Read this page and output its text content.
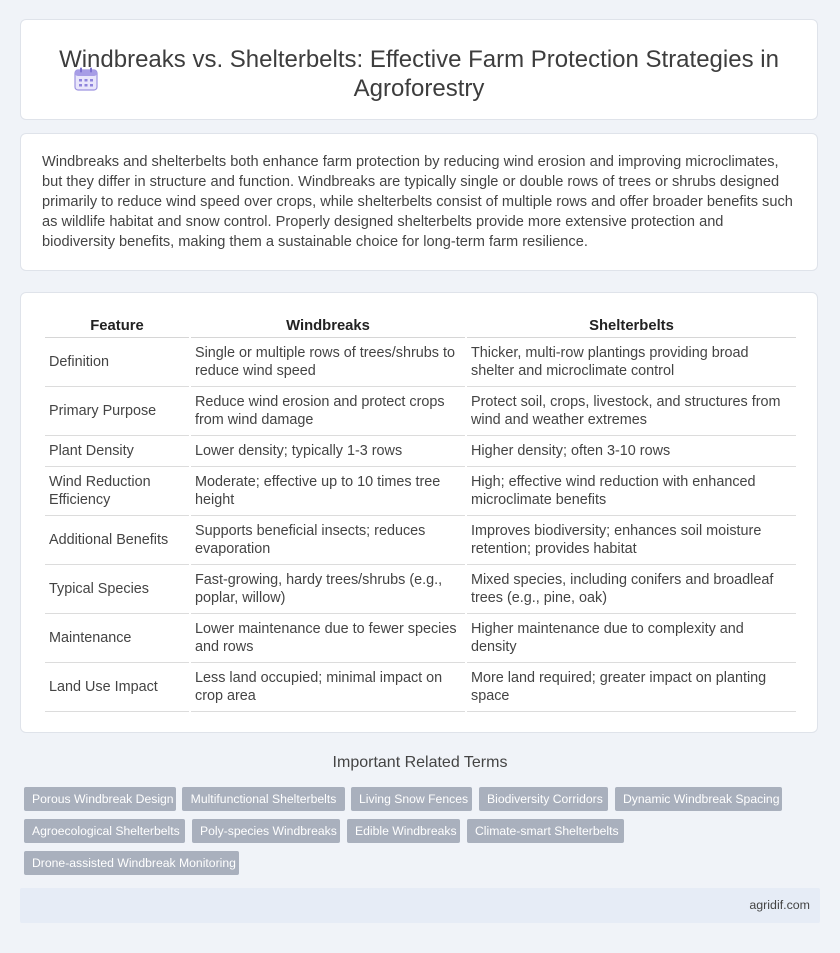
Windbreaks vs. Shelterbelts: Effective Farm Protection Strategies in Agroforestry

Windbreaks and shelterbelts both enhance farm protection by reducing wind erosion and improving microclimates, but they differ in structure and function. Windbreaks are typically single or double rows of trees or shrubs designed primarily to reduce wind speed over crops, while shelterbelts consist of multiple rows and offer broader benefits such as wildlife habitat and snow control. Properly designed shelterbelts provide more extensive protection and biodiversity benefits, making them a sustainable choice for long-term farm resilience.

Feature	Windbreaks	Shelterbelts
Definition	Single or multiple rows of trees/shrubs to reduce wind speed	Thicker, multi-row plantings providing broad shelter and microclimate control
Primary Purpose	Reduce wind erosion and protect crops from wind damage	Protect soil, crops, livestock, and structures from wind and weather extremes
Plant Density	Lower density; typically 1-3 rows	Higher density; often 3-10 rows
Wind Reduction Efficiency	Moderate; effective up to 10 times tree height	High; effective wind reduction with enhanced microclimate benefits
Additional Benefits	Supports beneficial insects; reduces evaporation	Improves biodiversity; enhances soil moisture retention; provides habitat
Typical Species	Fast-growing, hardy trees/shrubs (e.g., poplar, willow)	Mixed species, including conifers and broadleaf trees (e.g., pine, oak)
Maintenance	Lower maintenance due to fewer species and rows	Higher maintenance due to complexity and density
Land Use Impact	Less land occupied; minimal impact on crop area	More land required; greater impact on planting space
Important Related Terms
Porous Windbreak Design	Multifunctional Shelterbelts	Living Snow Fences	Biodiversity Corridors	Dynamic Windbreak Spacing
Agroecological Shelterbelts	Poly-species Windbreaks	Edible Windbreaks	Climate-smart Shelterbelts
Drone-assisted Windbreak Monitoring
agridif.com
